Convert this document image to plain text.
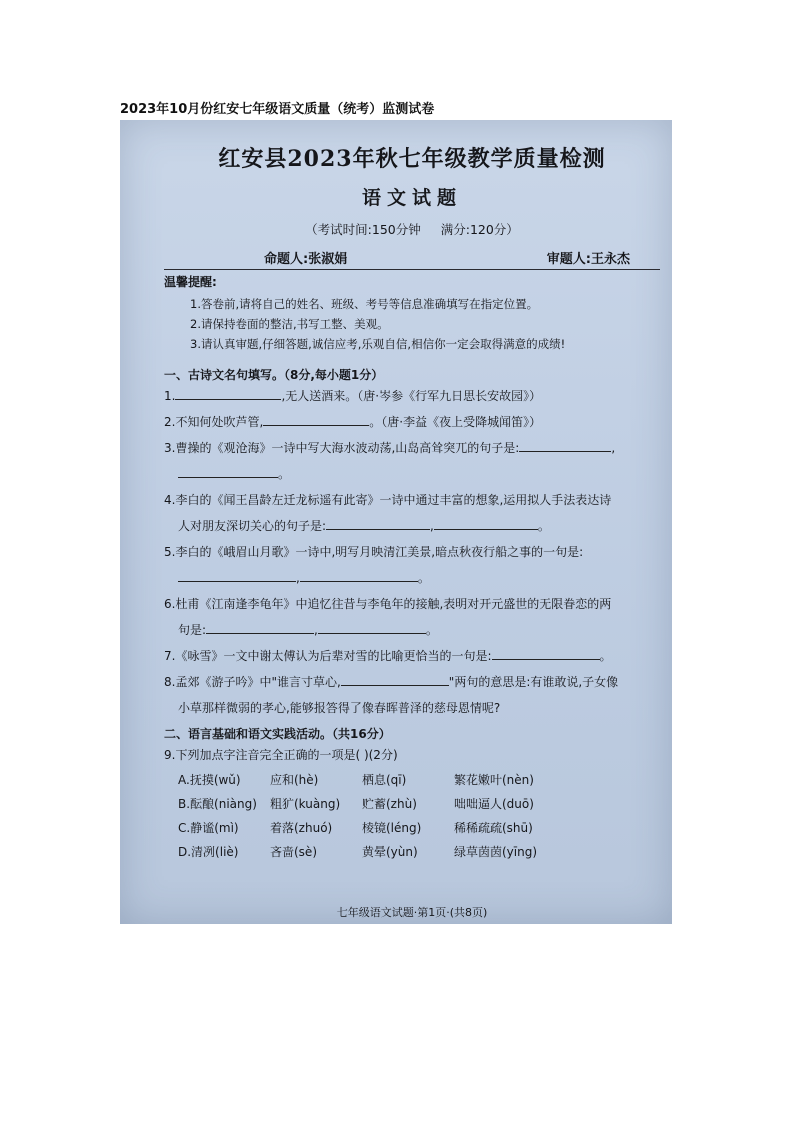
2023年10月份红安七年级语文质量（统考）监测试卷
红安县2023年秋七年级教学质量检测
语文试题
（考试时间:150分钟 满分:120分）
命题人:张淑娟	审题人:王永杰
温馨提醒:
1.答卷前,请将自己的姓名、班级、考号等信息准确填写在指定位置。
2.请保持卷面的整洁,书写工整、美观。
3.请认真审题,仔细答题,诚信应考,乐观自信,相信你一定会取得满意的成绩!
一、古诗文名句填写。（8分,每小题1分）

1.	,无人送酒来。（唐·岑参《行军九日思长安故园》）

2.不知何处吹芦管,	。（唐·李益《夜上受降城闻笛》）

3.曹操的《观沧海》一诗中写大海水波动荡,山岛高耸突兀的句子是:	,

。

4.李白的《闻王昌龄左迁龙标遥有此寄》一诗中通过丰富的想象,运用拟人手法表达诗

人对朋友深切关心的句子是:	,	。

5.李白的《峨眉山月歌》一诗中,明写月映清江美景,暗点秋夜行船之事的一句是:

,	。

6.杜甫《江南逢李龟年》中追忆往昔与李龟年的接触,表明对开元盛世的无限眷恋的两

句是:	,	。

7.《咏雪》一文中谢太傅认为后辈对雪的比喻更恰当的一句是:	。

8.孟郊《游子吟》中"谁言寸草心,	"两句的意思是:有谁敢说,子女像

小草那样微弱的孝心,能够报答得了像春晖普泽的慈母恩情呢?

二、语言基础和语文实践活动。（共16分）

9.下列加点字注音完全正确的一项是( )(2分)

A.抚摸(wǔ)	应和(hè)	栖息(qī)	繁花嫩叶(nèn)
B.酝酿(niàng)	粗犷(kuàng)	贮蓄(zhù)	咄咄逼人(duō)
C.静谧(mì)	着落(zhuó)	棱镜(léng)	稀稀疏疏(shū)
D.清冽(liè)	吝啬(sè)	黄晕(yùn)	绿草茵茵(yīng)
七年级语文试题·第1页·(共8页)
